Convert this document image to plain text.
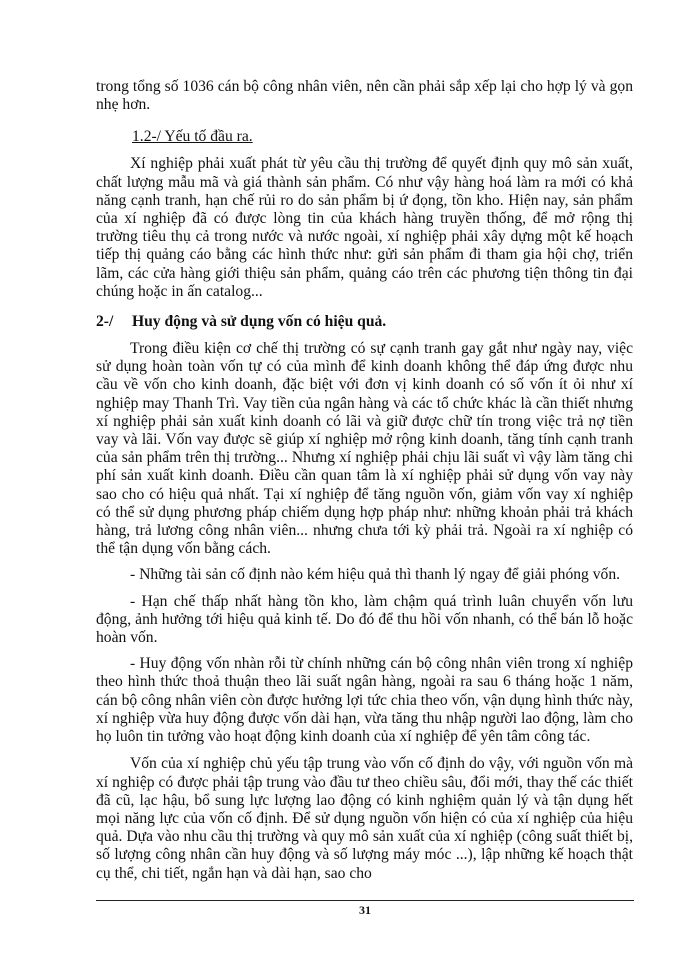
trong tổng số 1036 cán bộ công nhân viên, nên cần phải sắp xếp lại cho hợp lý và gọn nhẹ hơn.

1.2-/ Yếu tố đầu ra.

Xí nghiệp phải xuất phát từ yêu cầu thị trường để quyết định quy mô sản xuất, chất lượng mẫu mã và giá thành sản phẩm. Có như vậy hàng hoá làm ra mới có khả năng cạnh tranh, hạn chế rủi ro do sản phẩm bị ứ đọng, tồn kho. Hiện nay, sản phẩm của xí nghiệp đã có được lòng tin của khách hàng truyền thống, để mở rộng thị trường tiêu thụ cả trong nước và nước ngoài, xí nghiệp phải xây dựng một kế hoạch tiếp thị quảng cáo bằng các hình thức như: gửi sản phẩm đi tham gia hội chợ, triển lãm, các cửa hàng giới thiệu sản phẩm, quảng cáo trên các phương tiện thông tin đại chúng hoặc in ấn catalog...

2-/ Huy động và sử dụng vốn có hiệu quả.

Trong điều kiện cơ chế thị trường có sự cạnh tranh gay gắt như ngày nay, việc sử dụng hoàn toàn vốn tự có của mình để kinh doanh không thể đáp ứng được nhu cầu về vốn cho kinh doanh, đặc biệt với đơn vị kinh doanh có số vốn ít ỏi như xí nghiệp may Thanh Trì. Vay tiền của ngân hàng và các tổ chức khác là cần thiết nhưng xí nghiệp phải sản xuất kinh doanh có lãi và giữ được chữ tín trong việc trả nợ tiền vay và lãi. Vốn vay được sẽ giúp xí nghiệp mở rộng kinh doanh, tăng tính cạnh tranh của sản phẩm trên thị trường... Nhưng xí nghiệp phải chịu lãi suất vì vậy làm tăng chi phí sản xuất kinh doanh. Điều cần quan tâm là xí nghiệp phải sử dụng vốn vay này sao cho có hiệu quả nhất. Tại xí nghiệp để tăng nguồn vốn, giảm vốn vay xí nghiệp có thể sử dụng phương pháp chiếm dụng hợp pháp như: những khoản phải trả khách hàng, trả lương công nhân viên... nhưng chưa tới kỳ phải trả. Ngoài ra xí nghiệp có thể tận dụng vốn bằng cách.

- Những tài sản cố định nào kém hiệu quả thì thanh lý ngay để giải phóng vốn.

- Hạn chế thấp nhất hàng tồn kho, làm chậm quá trình luân chuyển vốn lưu động, ảnh hưởng tới hiệu quả kinh tế. Do đó để thu hồi vốn nhanh, có thể bán lỗ hoặc hoàn vốn.

- Huy động vốn nhàn rỗi từ chính những cán bộ công nhân viên trong xí nghiệp theo hình thức thoả thuận theo lãi suất ngân hàng, ngoài ra sau 6 tháng hoặc 1 năm, cán bộ công nhân viên còn được hưởng lợi tức chia theo vốn, vận dụng hình thức này, xí nghiệp vừa huy động được vốn dài hạn, vừa tăng thu nhập người lao động, làm cho họ luôn tin tưởng vào hoạt động kinh doanh của xí nghiệp để yên tâm công tác.

Vốn của xí nghiệp chủ yếu tập trung vào vốn cố định do vậy, với nguồn vốn mà xí nghiệp có được phải tập trung vào đầu tư theo chiều sâu, đổi mới, thay thế các thiết đã cũ, lạc hậu, bổ sung lực lượng lao động có kinh nghiệm quản lý và tận dụng hết mọi năng lực của vốn cố định. Để sử dụng nguồn vốn hiện có của xí nghiệp của hiệu quả. Dựa vào nhu cầu thị trường và quy mô sản xuất của xí nghiệp (công suất thiết bị, số lượng công nhân cần huy động và số lượng máy móc ...), lập những kế hoạch thật cụ thể, chi tiết, ngắn hạn và dài hạn, sao cho

31
